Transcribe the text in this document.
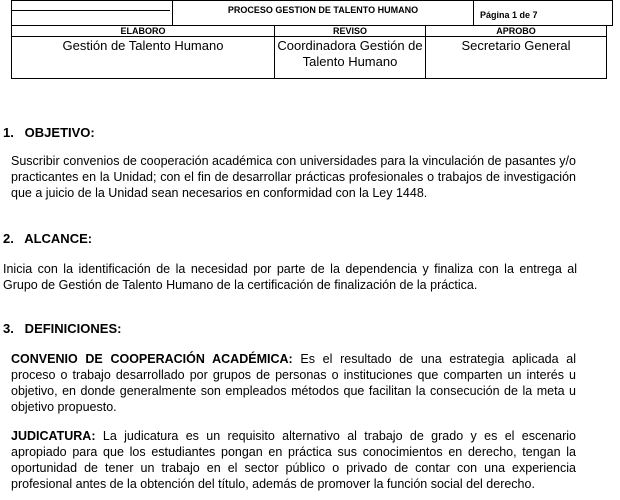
	PROCESO GESTION DE TALENTO HUMANO	Página 1 de 7
ELABORO	REVISO	APROBO
Gestión de Talento Humano	Coordinadora Gestión de Talento Humano	Secretario General
1.   OBJETIVO:
Suscribir convenios de cooperación académica con universidades para la vinculación de pasantes y/o practicantes en la Unidad; con el fin de desarrollar prácticas profesionales o trabajos de investigación que a juicio de la Unidad sean necesarios en conformidad con la Ley 1448.
2.   ALCANCE:
Inicia con la identificación de la necesidad por parte de la dependencia y finaliza con la entrega al Grupo de Gestión de Talento Humano de la certificación de finalización de la práctica.
3.   DEFINICIONES:
CONVENIO DE COOPERACIÓN ACADÉMICA: Es el resultado de una estrategia aplicada al proceso o trabajo desarrollado por grupos de personas o instituciones que comparten un interés u objetivo, en donde generalmente son empleados métodos que facilitan la consecución de la meta u objetivo propuesto.
JUDICATURA: La judicatura es un requisito alternativo al trabajo de grado y es el escenario apropiado para que los estudiantes pongan en práctica sus conocimientos en derecho, tengan la oportunidad de tener un trabajo en el sector público o privado de contar con una experiencia profesional antes de la obtención del título, además de promover la función social del derecho.
